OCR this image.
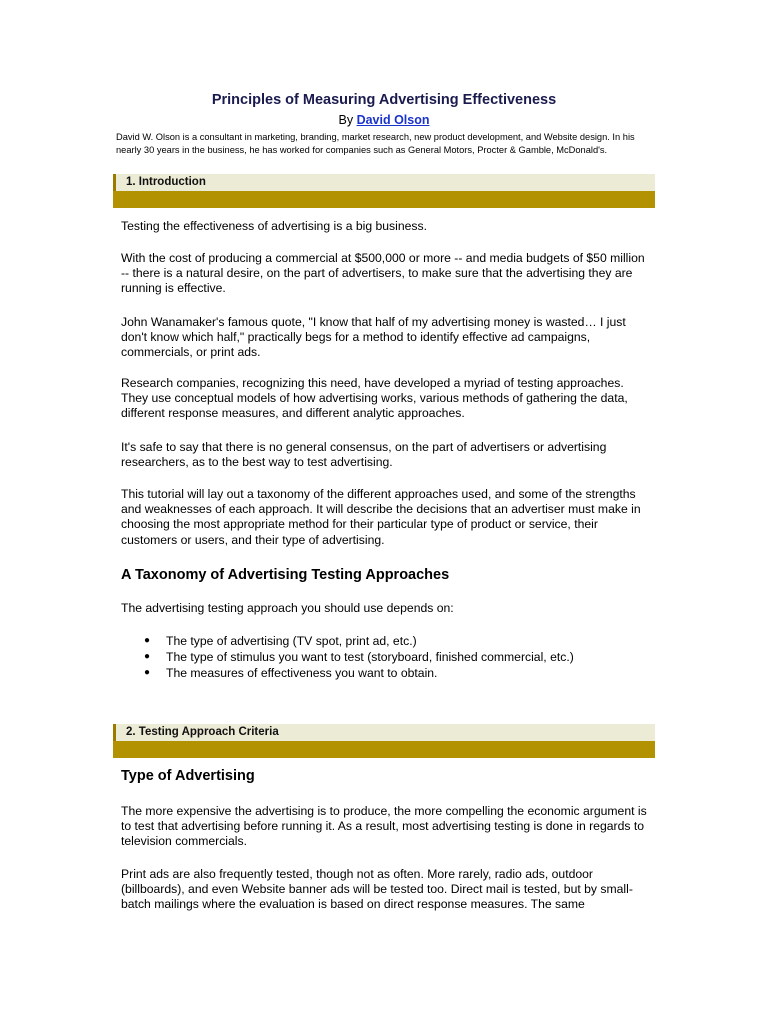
Principles of Measuring Advertising Effectiveness
By David Olson
David W. Olson is a consultant in marketing, branding, market research, new product development, and Website design. In his nearly 30 years in the business, he has worked for companies such as General Motors, Procter & Gamble, McDonald's.
1. Introduction

Testing the effectiveness of advertising is a big business.

With the cost of producing a commercial at $500,000 or more -- and media budgets of $50 million -- there is a natural desire, on the part of advertisers, to make sure that the advertising they are running is effective.

John Wanamaker's famous quote, "I know that half of my advertising money is wasted… I just don't know which half," practically begs for a method to identify effective ad campaigns, commercials, or print ads.

Research companies, recognizing this need, have developed a myriad of testing approaches. They use conceptual models of how advertising works, various methods of gathering the data, different response measures, and different analytic approaches.

It's safe to say that there is no general consensus, on the part of advertisers or advertising researchers, as to the best way to test advertising.

This tutorial will lay out a taxonomy of the different approaches used, and some of the strengths and weaknesses of each approach. It will describe the decisions that an advertiser must make in choosing the most appropriate method for their particular type of product or service, their customers or users, and their type of advertising.

A Taxonomy of Advertising Testing Approaches

The advertising testing approach you should use depends on:

● The type of advertising (TV spot, print ad, etc.)
● The type of stimulus you want to test (storyboard, finished commercial, etc.)
● The measures of effectiveness you want to obtain.
2. Testing Approach Criteria
Type of Advertising

The more expensive the advertising is to produce, the more compelling the economic argument is to test that advertising before running it. As a result, most advertising testing is done in regards to television commercials.

Print ads are also frequently tested, though not as often. More rarely, radio ads, outdoor (billboards), and even Website banner ads will be tested too. Direct mail is tested, but by small-batch mailings where the evaluation is based on direct response measures. The same
